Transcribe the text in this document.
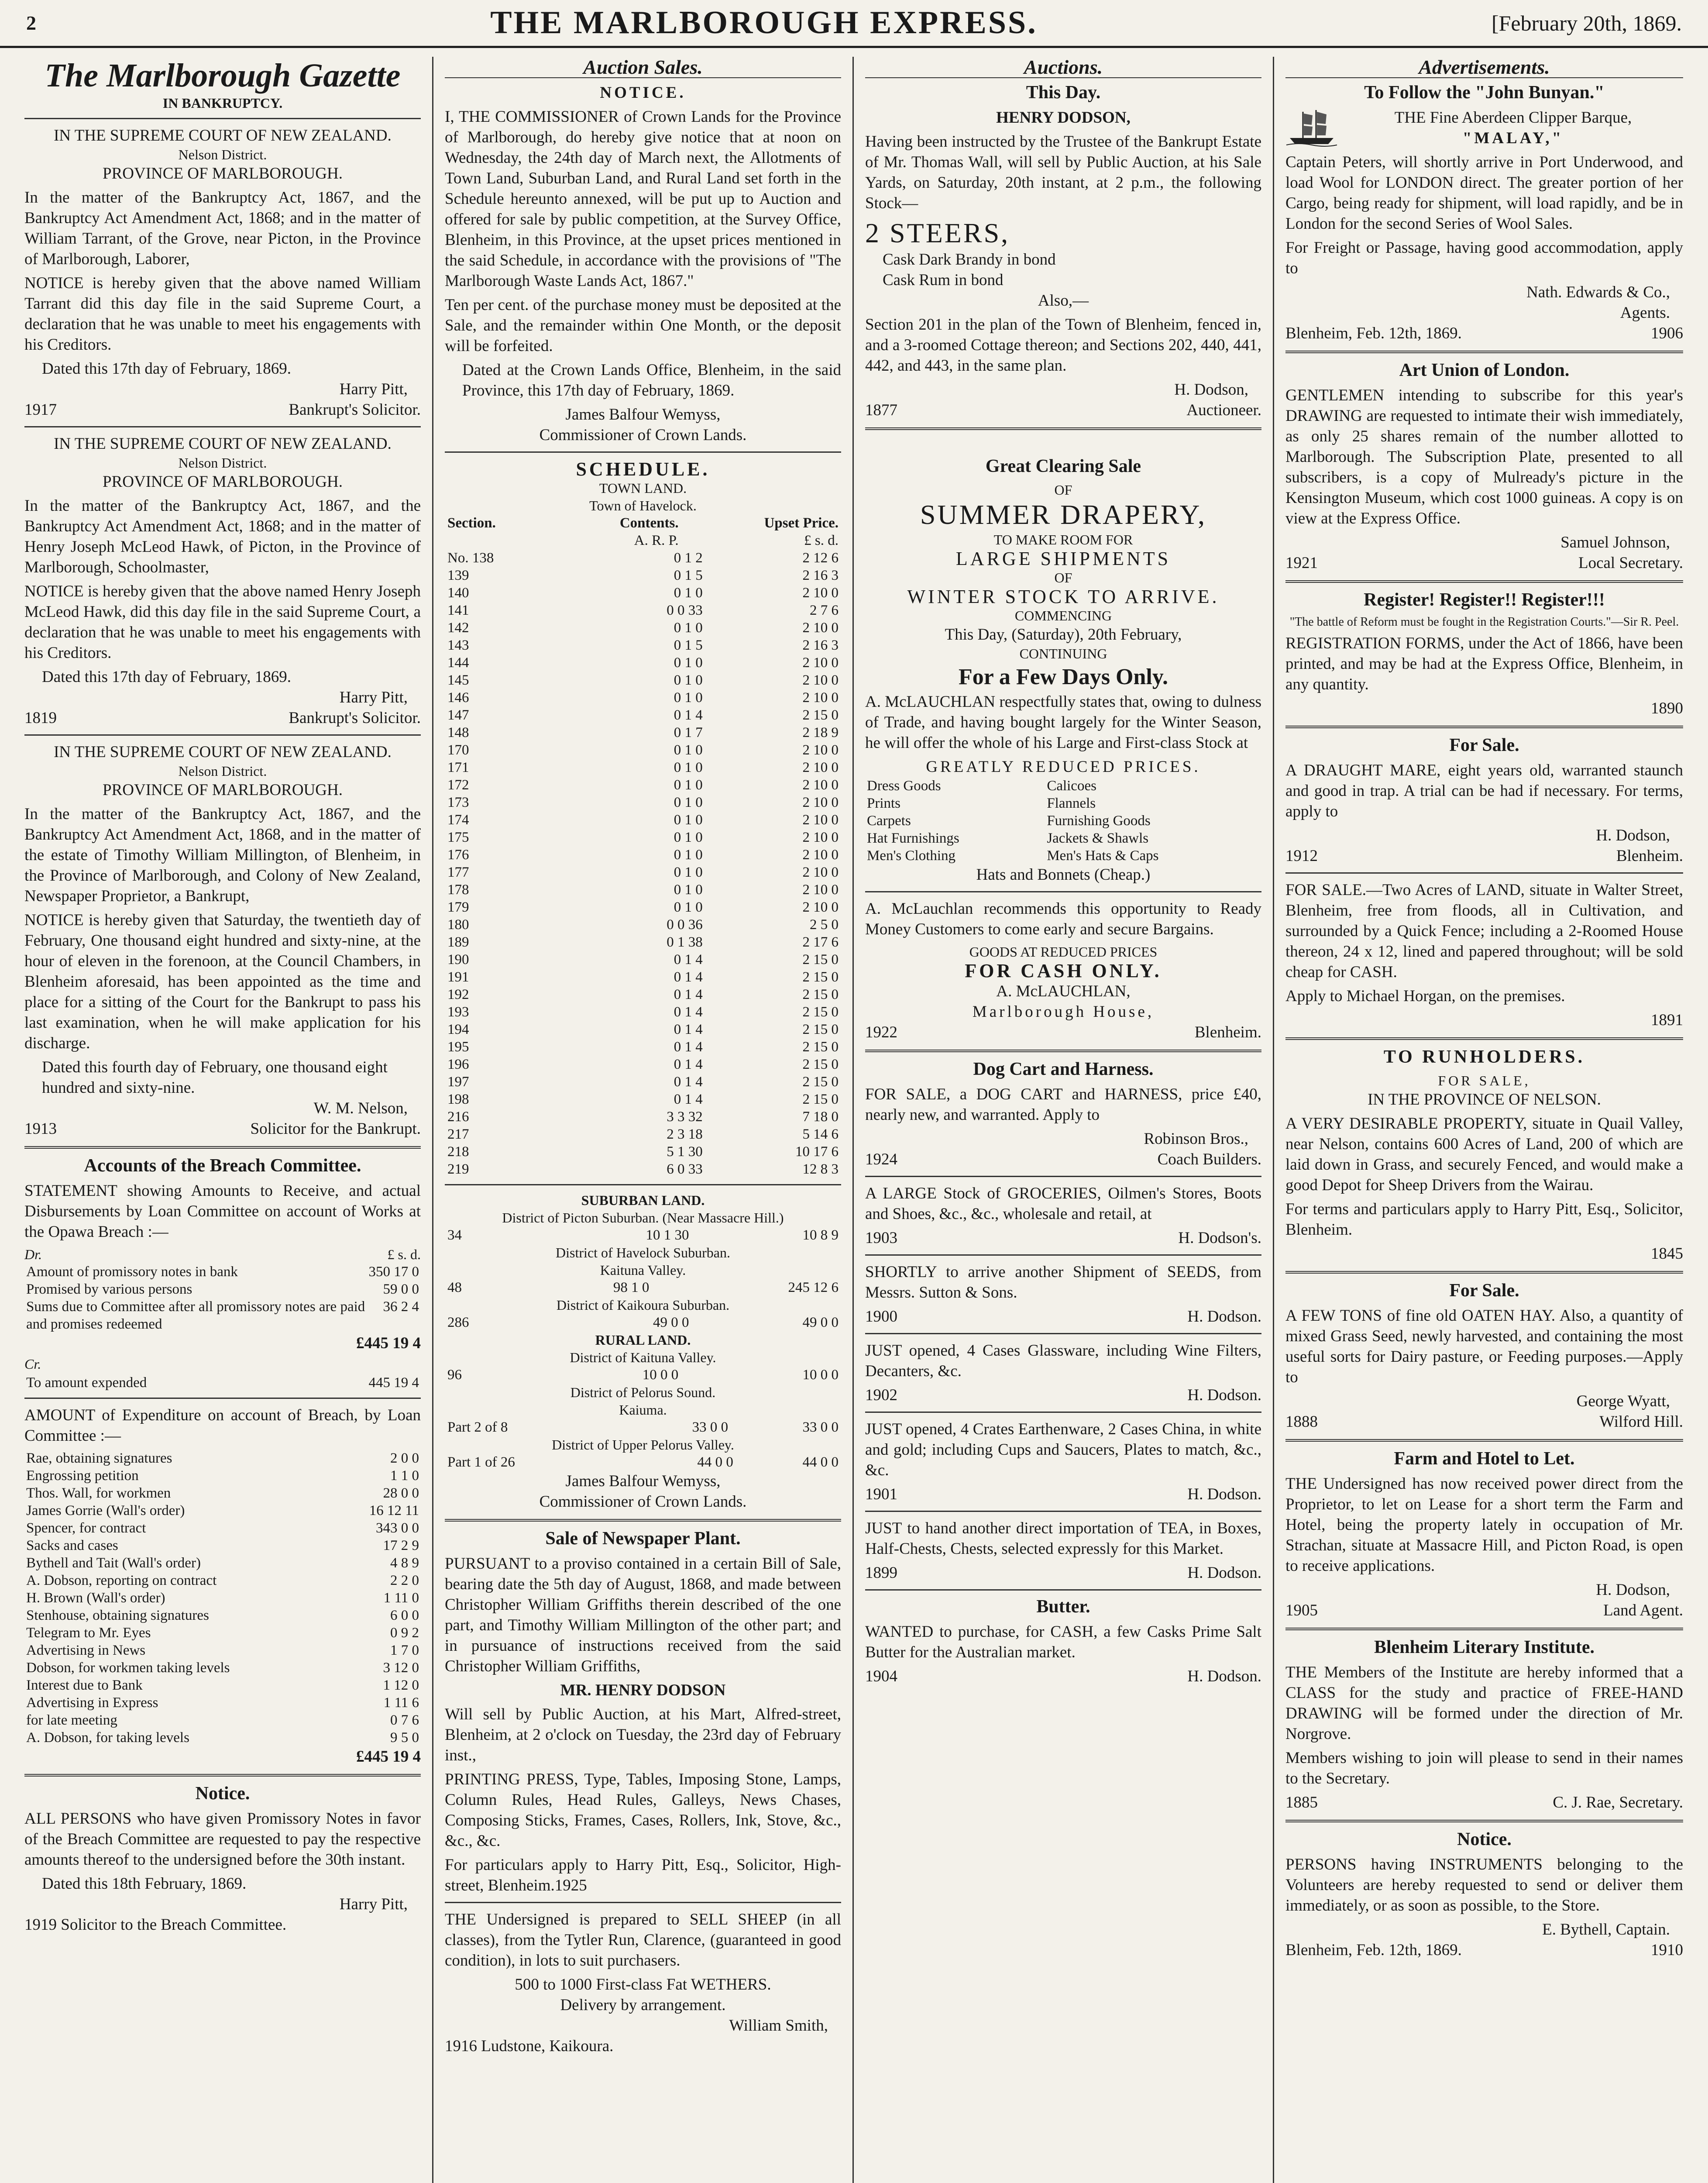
2	THE MARLBOROUGH EXPRESS.	[February 20th, 1869.
The Marlborough Gazette
IN BANKRUPTCY.
IN THE SUPREME COURT OF NEW ZEALAND.
Nelson District.
PROVINCE OF MARLBOROUGH.

In the matter of the Bankruptcy Act, 1867, and the Bankruptcy Act Amendment Act, 1868; and in the matter of William Tarrant, of the Grove, near Picton, in the Province of Marlborough, Laborer,

NOTICE is hereby given that the above named William Tarrant did this day file in the said Supreme Court, a declaration that he was unable to meet his engagements with his Creditors.

Dated this 17th day of February, 1869.
Harry Pitt,
1917	Bankrupt's Solicitor.
IN THE SUPREME COURT OF NEW ZEALAND.
Nelson District.
PROVINCE OF MARLBOROUGH.

In the matter of the Bankruptcy Act, 1867, and the Bankruptcy Act Amendment Act, 1868; and in the matter of Henry Joseph McLeod Hawk, of Picton, in the Province of Marlborough, Schoolmaster,

NOTICE is hereby given that the above named Henry Joseph McLeod Hawk, did this day file in the said Supreme Court, a declaration that he was unable to meet his engagements with his Creditors.

Dated this 17th day of February, 1869.
Harry Pitt,
1819	Bankrupt's Solicitor.
IN THE SUPREME COURT OF NEW ZEALAND.
Nelson District.
PROVINCE OF MARLBOROUGH.

In the matter of the Bankruptcy Act, 1867, and the Bankruptcy Act Amendment Act, 1868, and in the matter of the estate of Timothy William Millington, of Blenheim, in the Province of Marlborough, and Colony of New Zealand, Newspaper Proprietor, a Bankrupt,

NOTICE is hereby given that Saturday, the twentieth day of February, One thousand eight hundred and sixty-nine, at the hour of eleven in the forenoon, at the Council Chambers, in Blenheim aforesaid, has been appointed as the time and place for a sitting of the Court for the Bankrupt to pass his last examination, when he will make application for his discharge.

Dated this fourth day of February, one thousand eight hundred and sixty-nine.
W. M. Nelson,
1913	Solicitor for the Bankrupt.
Accounts of the Breach Committee.

STATEMENT showing Amounts to Receive, and actual Disbursements by Loan Committee on account of Works at the Opawa Breach :—

Dr.	£ s. d.
Amount of promissory notes in bank	350 17 0
Promised by various persons	59 0 0
Sums due to Committee after all promissory notes are paid and promises redeemed	36 2 4
£445 19 4
Cr.
To amount expended	445 19 4

AMOUNT of Expenditure on account of Breach, by Loan Committee :—

Rae, obtaining signatures	2 0 0
Engrossing petition	1 1 0
Thos. Wall, for workmen	28 0 0
James Gorrie (Wall's order)	16 12 11
Spencer, for contract	343 0 0
Sacks and cases	17 2 9
Bythell and Tait (Wall's order)	4 8 9
A. Dobson, reporting on contract	2 2 0
H. Brown (Wall's order)	1 11 0
Stenhouse, obtaining signatures	6 0 0
Telegram to Mr. Eyes	0 9 2
Advertising in News	1 7 0
Dobson, for workmen taking levels	3 12 0
Interest due to Bank	1 12 0
Advertising in Express	1 11 6
for late meeting	0 7 6
A. Dobson, for taking levels	9 5 0
£445 19 4
Notice.

ALL PERSONS who have given Promissory Notes in favor of the Breach Committee are requested to pay the respective amounts thereof to the undersigned before the 30th instant.

Dated this 18th February, 1869.
Harry Pitt,
1919 Solicitor to the Breach Committee.
Auction Sales.
NOTICE.

I, THE COMMISSIONER of Crown Lands for the Province of Marlborough, do hereby give notice that at noon on Wednesday, the 24th day of March next, the Allotments of Town Land, Suburban Land, and Rural Land set forth in the Schedule hereunto annexed, will be put up to Auction and offered for sale by public competition, at the Survey Office, Blenheim, in this Province, at the upset prices mentioned in the said Schedule, in accordance with the provisions of "The Marlborough Waste Lands Act, 1867."

Ten per cent. of the purchase money must be deposited at the Sale, and the remainder within One Month, or the deposit will be forfeited.

Dated at the Crown Lands Office, Blenheim, in the said Province, this 17th day of February, 1869.

James Balfour Wemyss,
Commissioner of Crown Lands.
SCHEDULE.
TOWN LAND.
Town of Havelock.
Section.	Contents.	Upset Price.
	A. R. P.	£ s. d.
No. 138	0 1 2	2 12 6
139	0 1 5	2 16 3
140	0 1 0	2 10 0
141	0 0 33	2 7 6
142	0 1 0	2 10 0
143	0 1 5	2 16 3
144	0 1 0	2 10 0
145	0 1 0	2 10 0
146	0 1 0	2 10 0
147	0 1 4	2 15 0
148	0 1 7	2 18 9
170	0 1 0	2 10 0
171	0 1 0	2 10 0
172	0 1 0	2 10 0
173	0 1 0	2 10 0
174	0 1 0	2 10 0
175	0 1 0	2 10 0
176	0 1 0	2 10 0
177	0 1 0	2 10 0
178	0 1 0	2 10 0
179	0 1 0	2 10 0
180	0 0 36	2 5 0
189	0 1 38	2 17 6
190	0 1 4	2 15 0
191	0 1 4	2 15 0
192	0 1 4	2 15 0
193	0 1 4	2 15 0
194	0 1 4	2 15 0
195	0 1 4	2 15 0
196	0 1 4	2 15 0
197	0 1 4	2 15 0
198	0 1 4	2 15 0
216	3 3 32	7 18 0
217	2 3 18	5 14 6
218	5 1 30	10 17 6
219	6 0 33	12 8 3
SUBURBAN LAND.
District of Picton Suburban. (Near Massacre Hill.)
34	10 1 30	10 8 9
District of Havelock Suburban.
Kaituna Valley.
48	98 1 0	245 12 6
District of Kaikoura Suburban.
286	49 0 0	49 0 0
RURAL LAND.
District of Kaituna Valley.
96	10 0 0	10 0 0
District of Pelorus Sound.
Kaiuma.
Part 2 of 8	33 0 0	33 0 0
District of Upper Pelorus Valley.
Part 1 of 26	44 0 0	44 0 0
James Balfour Wemyss,
Commissioner of Crown Lands.
Sale of Newspaper Plant.

PURSUANT to a proviso contained in a certain Bill of Sale, bearing date the 5th day of August, 1868, and made between Christopher William Griffiths therein described of the one part, and Timothy William Millington of the other part; and in pursuance of instructions received from the said Christopher William Griffiths,

MR. HENRY DODSON

Will sell by Public Auction, at his Mart, Alfred-street, Blenheim, at 2 o'clock on Tuesday, the 23rd day of February inst.,

PRINTING PRESS, Type, Tables, Imposing Stone, Lamps, Column Rules, Head Rules, Galleys, News Chases, Composing Sticks, Frames, Cases, Rollers, Ink, Stove, &c., &c., &c.

For particulars apply to Harry Pitt, Esq., Solicitor, High-street, Blenheim.1925

THE Undersigned is prepared to SELL SHEEP (in all classes), from the Tytler Run, Clarence, (guaranteed in good condition), in lots to suit purchasers.

500 to 1000 First-class Fat WETHERS.
Delivery by arrangement.
William Smith,
1916 Ludstone, Kaikoura.
Auctions.
This Day.
HENRY DODSON,

Having been instructed by the Trustee of the Bankrupt Estate of Mr. Thomas Wall, will sell by Public Auction, at his Sale Yards, on Saturday, 20th instant, at 2 p.m., the following Stock—

2 STEERS,
Cask Dark Brandy in bond
Cask Rum in bond
Also,—

Section 201 in the plan of the Town of Blenheim, fenced in, and a 3-roomed Cottage thereon; and Sections 202, 440, 441, 442, and 443, in the same plan.

H. Dodson,
1877	Auctioneer.
Great Clearing Sale
OF
SUMMER DRAPERY,
TO MAKE ROOM FOR
LARGE SHIPMENTS
OF
WINTER STOCK TO ARRIVE.
COMMENCING
This Day, (Saturday), 20th February,
CONTINUING
For a Few Days Only.

A. McLAUCHLAN respectfully states that, owing to dulness of Trade, and having bought largely for the Winter Season, he will offer the whole of his Large and First-class Stock at

GREATLY REDUCED PRICES.
Dress Goods	Calicoes
Prints	Flannels
Carpets	Furnishing Goods
Hat Furnishings	Jackets & Shawls
Men's Clothing	Men's Hats & Caps
Hats and Bonnets (Cheap.)

A. McLauchlan recommends this opportunity to Ready Money Customers to come early and secure Bargains.

GOODS AT REDUCED PRICES
FOR CASH ONLY.
A. McLAUCHLAN,
Marlborough House,
1922	Blenheim.
Dog Cart and Harness.

FOR SALE, a DOG CART and HARNESS, price £40, nearly new, and warranted. Apply to

Robinson Bros.,
1924	Coach Builders.

A LARGE Stock of GROCERIES, Oilmen's Stores, Boots and Shoes, &c., &c., wholesale and retail, at

1903	H. Dodson's.

SHORTLY to arrive another Shipment of SEEDS, from Messrs. Sutton & Sons.

1900	H. Dodson.

JUST opened, 4 Cases Glassware, including Wine Filters, Decanters, &c.

1902	H. Dodson.

JUST opened, 4 Crates Earthenware, 2 Cases China, in white and gold; including Cups and Saucers, Plates to match, &c., &c.

1901	H. Dodson.

JUST to hand another direct importation of TEA, in Boxes, Half-Chests, Chests, selected expressly for this Market.

1899	H. Dodson.
Butter.

WANTED to purchase, for CASH, a few Casks Prime Salt Butter for the Australian market.

1904	H. Dodson.
Advertisements.
To Follow the "John Bunyan."
THE Fine Aberdeen Clipper Barque,
"MALAY,"

Captain Peters, will shortly arrive in Port Underwood, and load Wool for LONDON direct. The greater portion of her Cargo, being ready for shipment, will load rapidly, and be in London for the second Series of Wool Sales.

For Freight or Passage, having good accommodation, apply to

Nath. Edwards & Co.,
Agents.
Blenheim, Feb. 12th, 1869.	1906
Art Union of London.

GENTLEMEN intending to subscribe for this year's DRAWING are requested to intimate their wish immediately, as only 25 shares remain of the number allotted to Marlborough. The Subscription Plate, presented to all subscribers, is a copy of Mulready's picture in the Kensington Museum, which cost 1000 guineas. A copy is on view at the Express Office.

Samuel Johnson,
1921	Local Secretary.
Register! Register!! Register!!!
"The battle of Reform must be fought in the Registration Courts."—Sir R. Peel.

REGISTRATION FORMS, under the Act of 1866, have been printed, and may be had at the Express Office, Blenheim, in any quantity.

1890
For Sale.

A DRAUGHT MARE, eight years old, warranted staunch and good in trap. A trial can be had if necessary. For terms, apply to

H. Dodson,
1912	Blenheim.

FOR SALE.—Two Acres of LAND, situate in Walter Street, Blenheim, free from floods, all in Cultivation, and surrounded by a Quick Fence; including a 2-Roomed House thereon, 24 x 12, lined and papered throughout; will be sold cheap for CASH.

Apply to Michael Horgan, on the premises.

1891
TO RUNHOLDERS.
FOR SALE,
IN THE PROVINCE OF NELSON.

A VERY DESIRABLE PROPERTY, situate in Quail Valley, near Nelson, contains 600 Acres of Land, 200 of which are laid down in Grass, and securely Fenced, and would make a good Depot for Sheep Drivers from the Wairau.

For terms and particulars apply to Harry Pitt, Esq., Solicitor, Blenheim.

1845
For Sale.

A FEW TONS of fine old OATEN HAY. Also, a quantity of mixed Grass Seed, newly harvested, and containing the most useful sorts for Dairy pasture, or Feeding purposes.—Apply to

George Wyatt,
1888	Wilford Hill.
Farm and Hotel to Let.

THE Undersigned has now received power direct from the Proprietor, to let on Lease for a short term the Farm and Hotel, being the property lately in occupation of Mr. Strachan, situate at Massacre Hill, and Picton Road, is open to receive applications.

H. Dodson,
1905	Land Agent.
Blenheim Literary Institute.

THE Members of the Institute are hereby informed that a CLASS for the study and practice of FREE-HAND DRAWING will be formed under the direction of Mr. Norgrove.

Members wishing to join will please to send in their names to the Secretary.

1885	C. J. Rae, Secretary.
Notice.

PERSONS having INSTRUMENTS belonging to the Volunteers are hereby requested to send or deliver them immediately, or as soon as possible, to the Store.

E. Bythell, Captain.
Blenheim, Feb. 12th, 1869.	1910
